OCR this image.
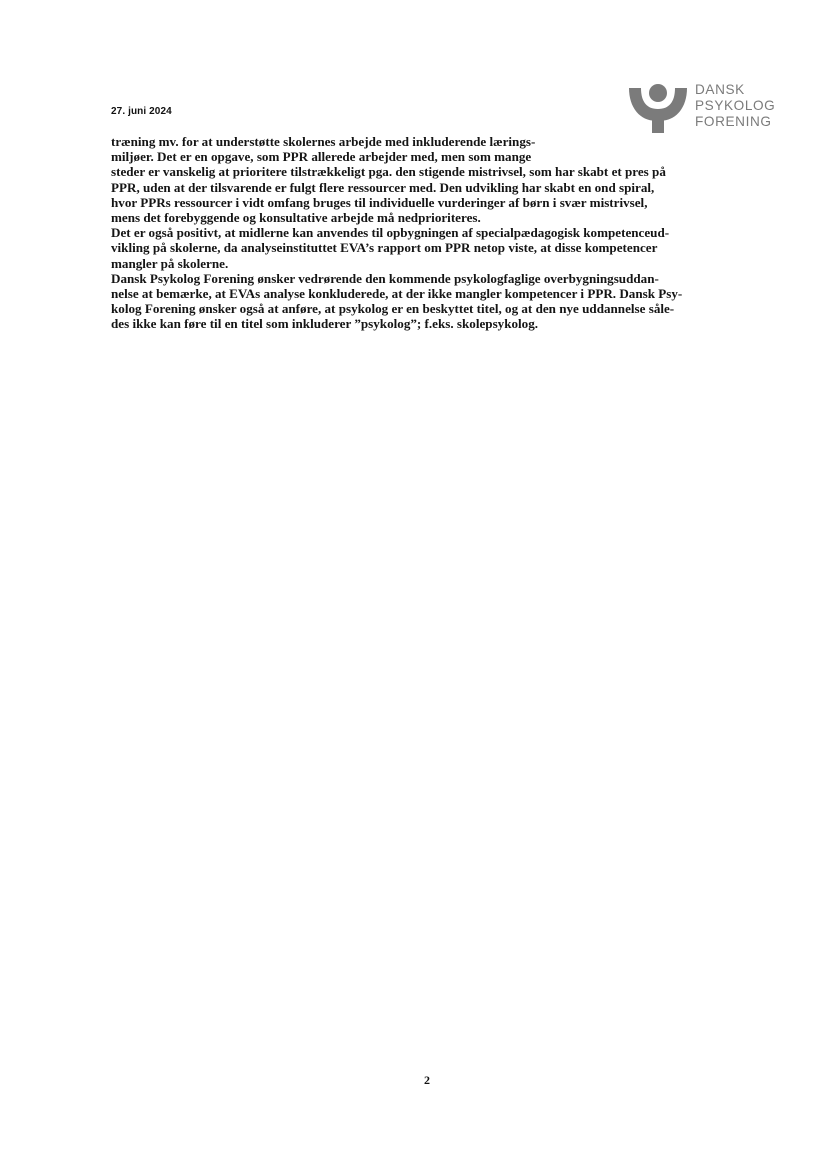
27. juni 2024
DANSK
PSYKOLOG
FORENING
træning mv. for at understøtte skolernes arbejde med inkluderende lærings-
miljøer. Det er en opgave, som PPR allerede arbejder med, men som mange
steder er vanskelig at prioritere tilstrækkeligt pga. den stigende mistrivsel, som har skabt et pres på
PPR, uden at der tilsvarende er fulgt flere ressourcer med. Den udvikling har skabt en ond spiral,
hvor PPRs ressourcer i vidt omfang bruges til individuelle vurderinger af børn i svær mistrivsel,
mens det forebyggende og konsultative arbejde må nedprioriteres.
Det er også positivt, at midlerne kan anvendes til opbygningen af specialpædagogisk kompetenceud-
vikling på skolerne, da analyseinstituttet EVA’s rapport om PPR netop viste, at disse kompetencer
mangler på skolerne.
Dansk Psykolog Forening ønsker vedrørende den kommende psykologfaglige overbygningsuddan-
nelse at bemærke, at EVAs analyse konkluderede, at der ikke mangler kompetencer i PPR. Dansk Psy-
kolog Forening ønsker også at anføre, at psykolog er en beskyttet titel, og at den nye uddannelse såle-
des ikke kan føre til en titel som inkluderer ”psykolog”; f.eks. skolepsykolog.
2
